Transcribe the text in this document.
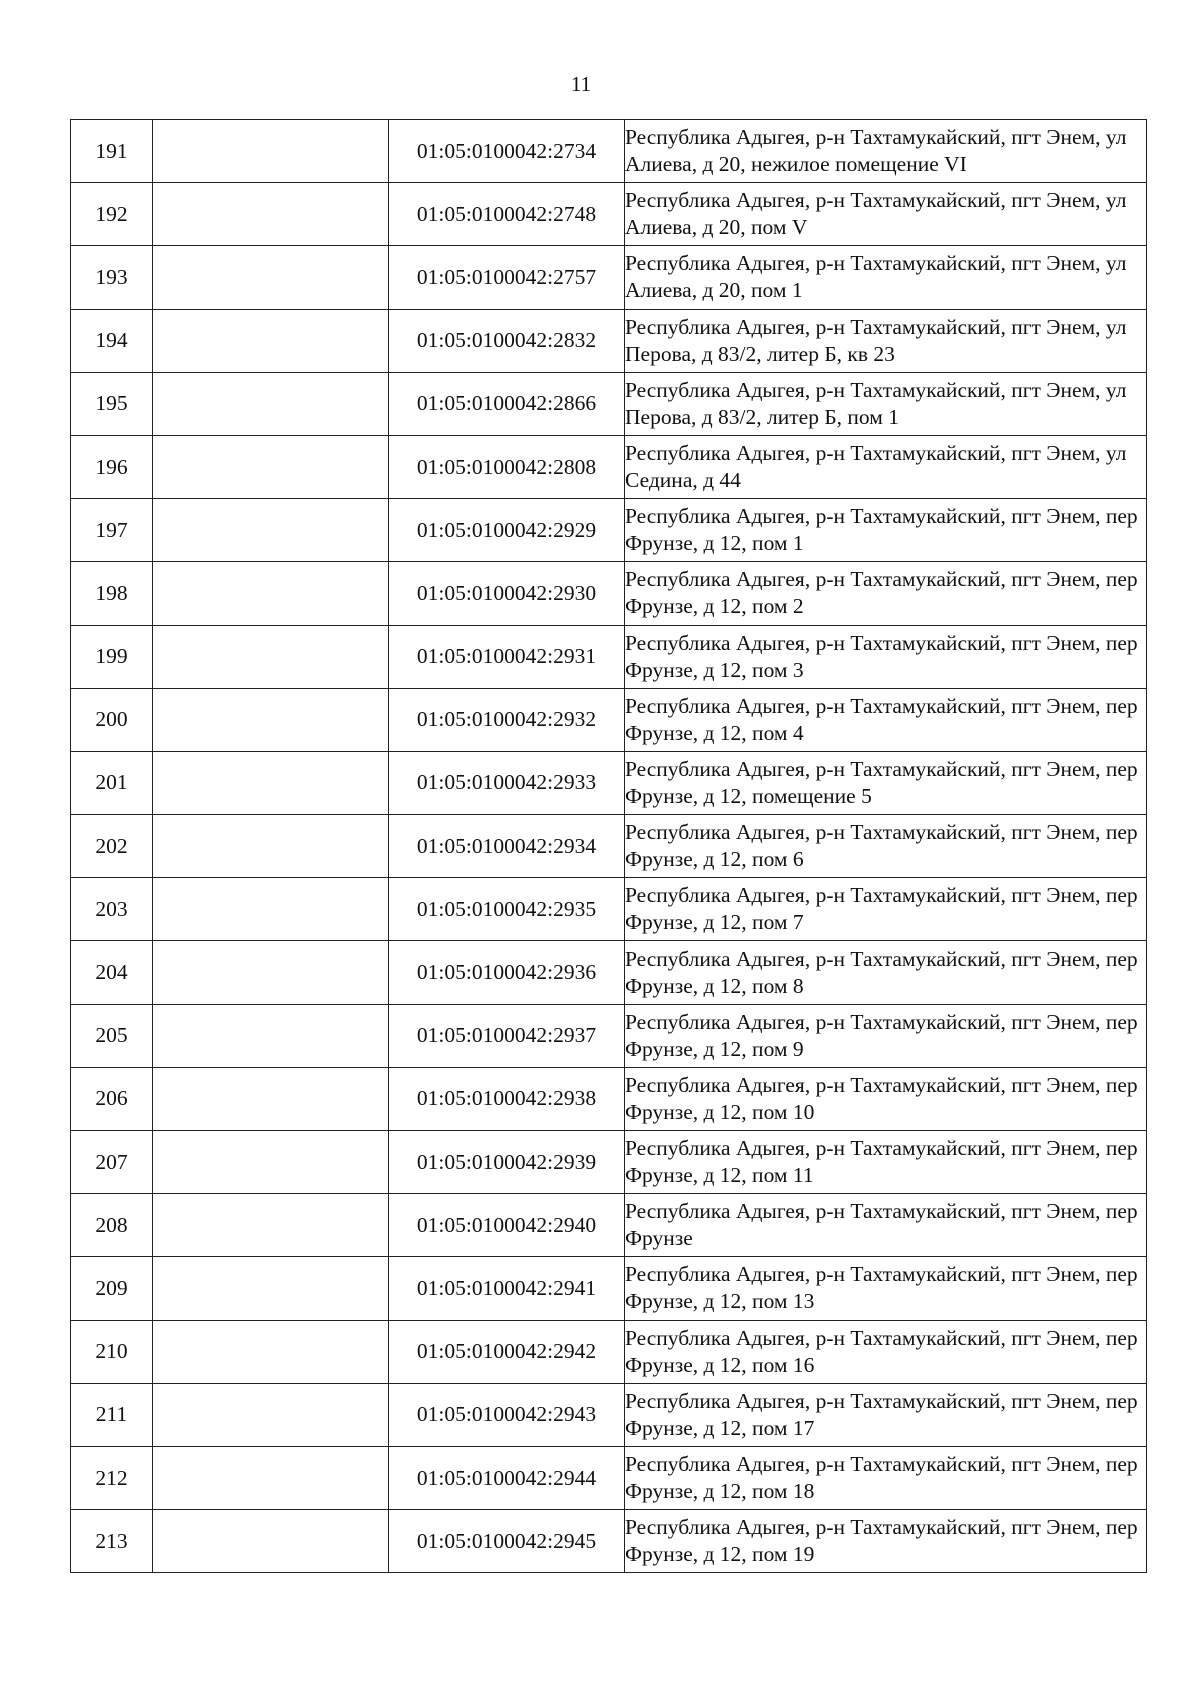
11
191		01:05:0100042:2734	Республика Адыгея, р-н Тахтамукайский, пгт Энем, ул Алиева, д 20, нежилое помещение VI
192		01:05:0100042:2748	Республика Адыгея, р-н Тахтамукайский, пгт Энем, ул Алиева, д 20, пом V
193		01:05:0100042:2757	Республика Адыгея, р-н Тахтамукайский, пгт Энем, ул Алиева, д 20, пом 1
194		01:05:0100042:2832	Республика Адыгея, р-н Тахтамукайский, пгт Энем, ул Перова, д 83/2, литер Б, кв 23
195		01:05:0100042:2866	Республика Адыгея, р-н Тахтамукайский, пгт Энем, ул Перова, д 83/2, литер Б, пом 1
196		01:05:0100042:2808	Республика Адыгея, р-н Тахтамукайский, пгт Энем, ул Седина, д 44
197		01:05:0100042:2929	Республика Адыгея, р-н Тахтамукайский, пгт Энем, пер Фрунзе, д 12, пом 1
198		01:05:0100042:2930	Республика Адыгея, р-н Тахтамукайский, пгт Энем, пер Фрунзе, д 12, пом 2
199		01:05:0100042:2931	Республика Адыгея, р-н Тахтамукайский, пгт Энем, пер Фрунзе, д 12, пом 3
200		01:05:0100042:2932	Республика Адыгея, р-н Тахтамукайский, пгт Энем, пер Фрунзе, д 12, пом 4
201		01:05:0100042:2933	Республика Адыгея, р-н Тахтамукайский, пгт Энем, пер Фрунзе, д 12, помещение 5
202		01:05:0100042:2934	Республика Адыгея, р-н Тахтамукайский, пгт Энем, пер Фрунзе, д 12, пом 6
203		01:05:0100042:2935	Республика Адыгея, р-н Тахтамукайский, пгт Энем, пер Фрунзе, д 12, пом 7
204		01:05:0100042:2936	Республика Адыгея, р-н Тахтамукайский, пгт Энем, пер Фрунзе, д 12, пом 8
205		01:05:0100042:2937	Республика Адыгея, р-н Тахтамукайский, пгт Энем, пер Фрунзе, д 12, пом 9
206		01:05:0100042:2938	Республика Адыгея, р-н Тахтамукайский, пгт Энем, пер Фрунзе, д 12, пом 10
207		01:05:0100042:2939	Республика Адыгея, р-н Тахтамукайский, пгт Энем, пер Фрунзе, д 12, пом 11
208		01:05:0100042:2940	Республика Адыгея, р-н Тахтамукайский, пгт Энем, пер Фрунзе
209		01:05:0100042:2941	Республика Адыгея, р-н Тахтамукайский, пгт Энем, пер Фрунзе, д 12, пом 13
210		01:05:0100042:2942	Республика Адыгея, р-н Тахтамукайский, пгт Энем, пер Фрунзе, д 12, пом 16
211		01:05:0100042:2943	Республика Адыгея, р-н Тахтамукайский, пгт Энем, пер Фрунзе, д 12, пом 17
212		01:05:0100042:2944	Республика Адыгея, р-н Тахтамукайский, пгт Энем, пер Фрунзе, д 12, пом 18
213		01:05:0100042:2945	Республика Адыгея, р-н Тахтамукайский, пгт Энем, пер Фрунзе, д 12, пом 19
